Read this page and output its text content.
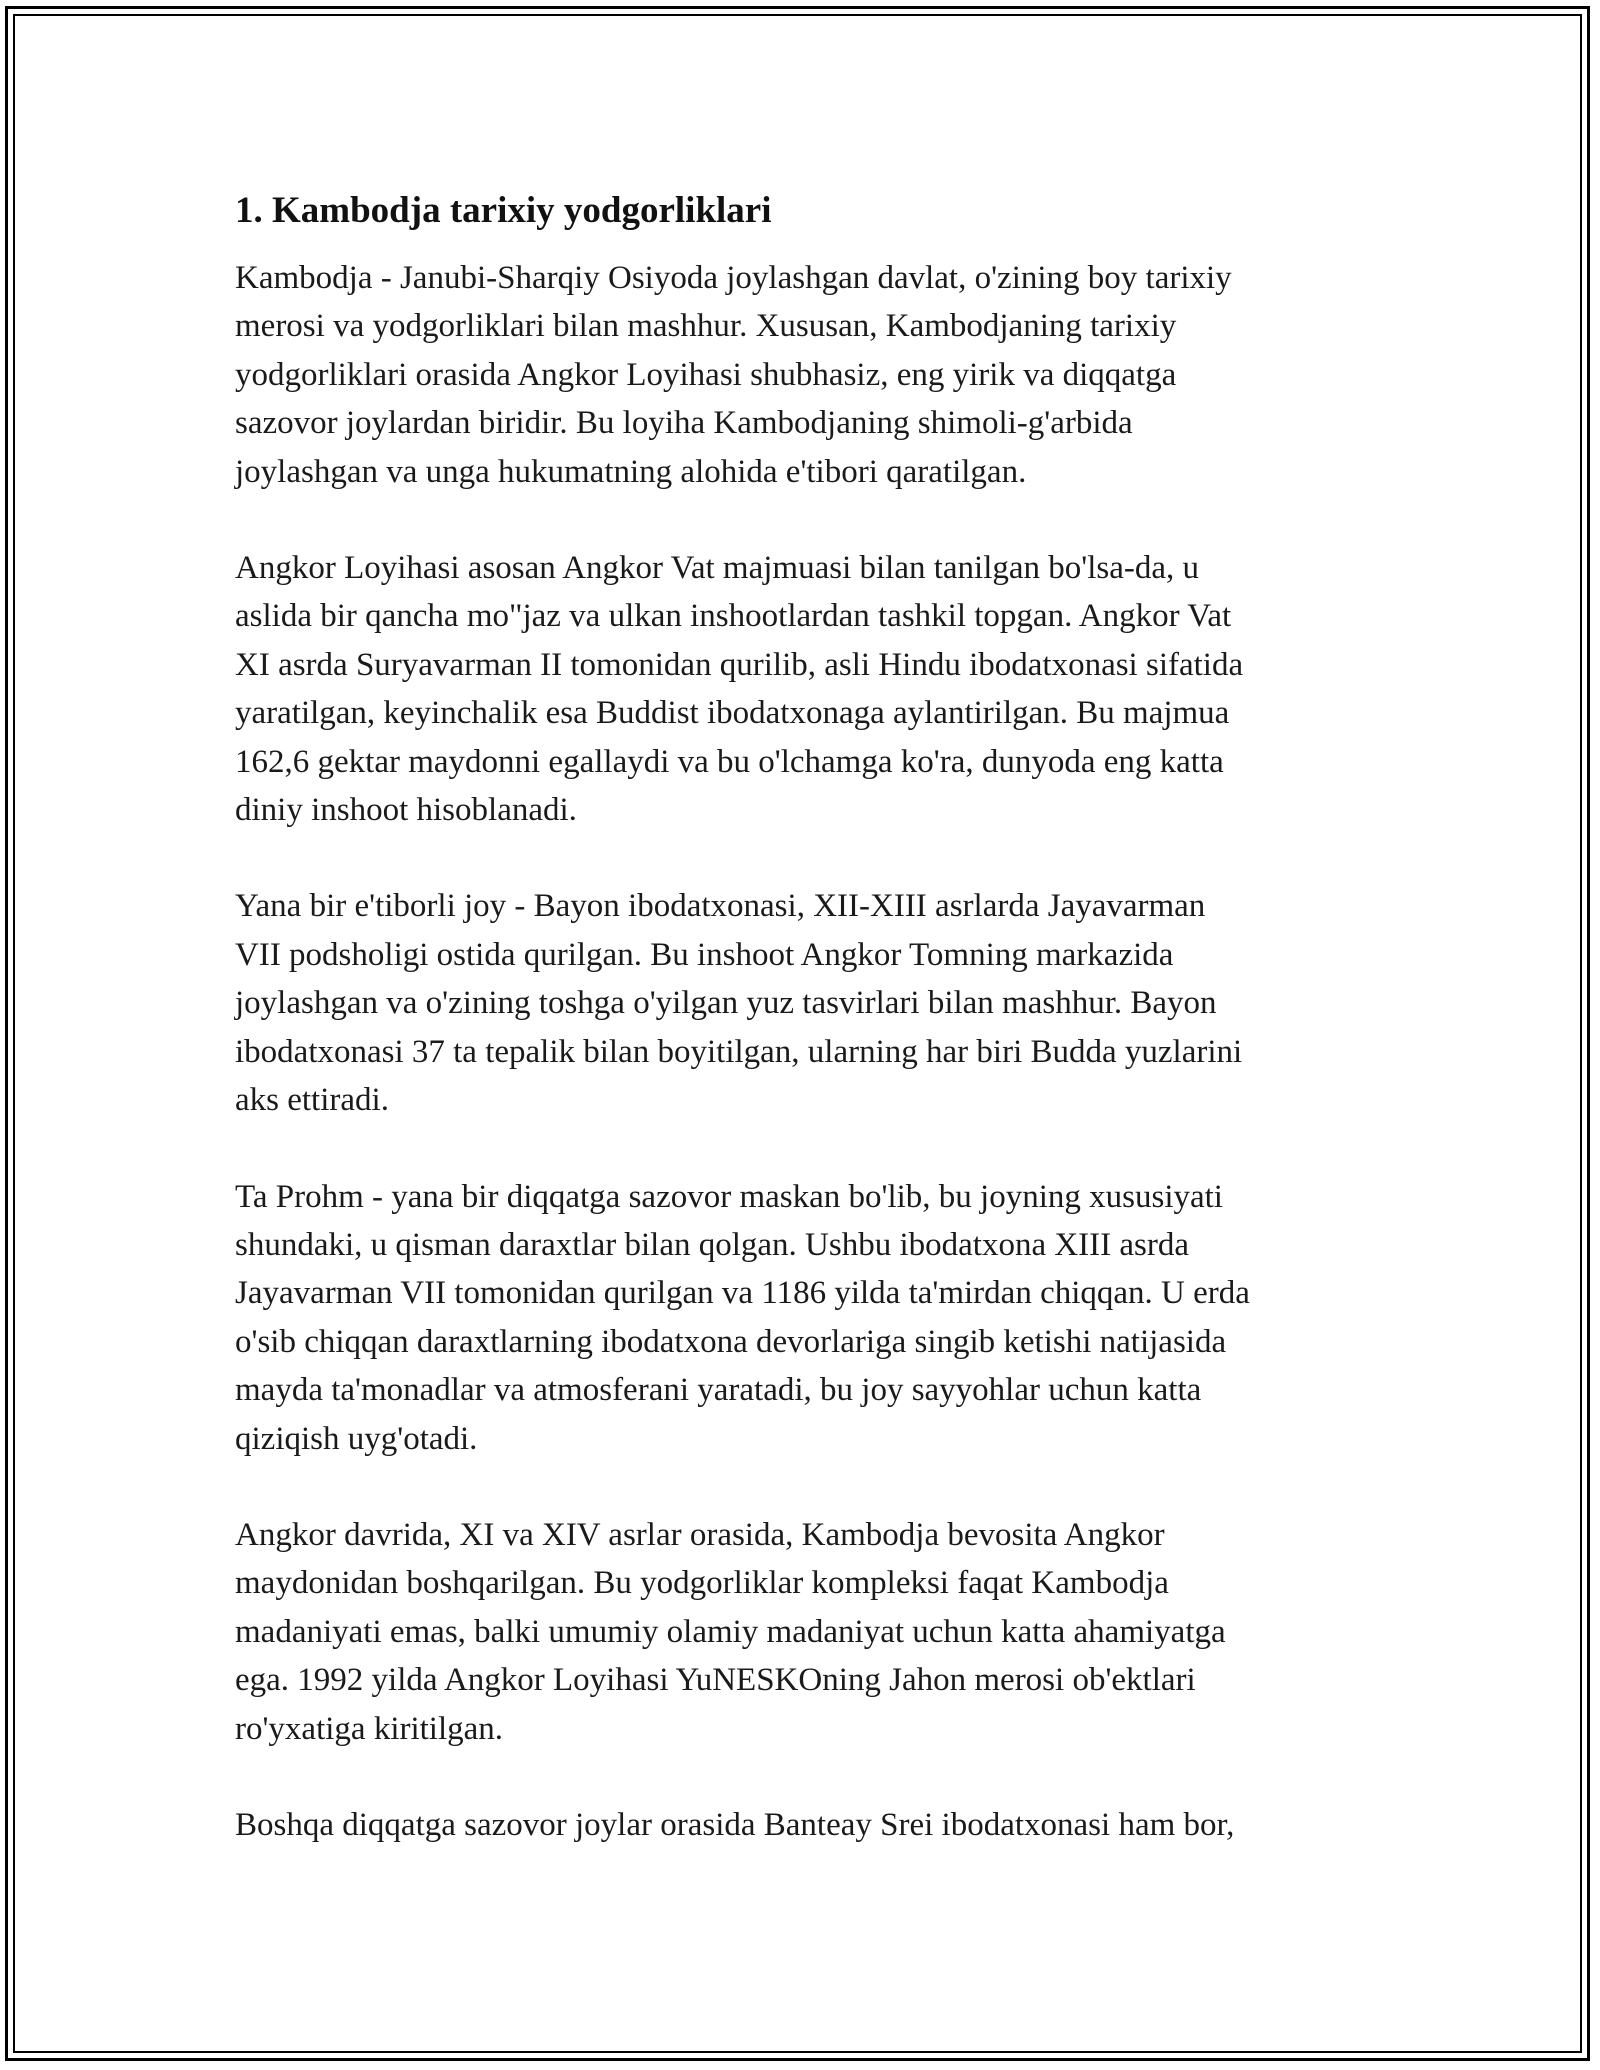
1. Kambodja tarixiy yodgorliklari

Kambodja - Janubi-Sharqiy Osiyoda joylashgan davlat, o'zining boy tarixiy
merosi va yodgorliklari bilan mashhur. Xususan, Kambodjaning tarixiy
yodgorliklari orasida Angkor Loyihasi shubhasiz, eng yirik va diqqatga
sazovor joylardan biridir. Bu loyiha Kambodjaning shimoli-g'arbida
joylashgan va unga hukumatning alohida e'tibori qaratilgan.

Angkor Loyihasi asosan Angkor Vat majmuasi bilan tanilgan bo'lsa-da, u
aslida bir qancha mo"jaz va ulkan inshootlardan tashkil topgan. Angkor Vat
XI asrda Suryavarman II tomonidan qurilib, asli Hindu ibodatxonasi sifatida
yaratilgan, keyinchalik esa Buddist ibodatxonaga aylantirilgan. Bu majmua
162,6 gektar maydonni egallaydi va bu o'lchamga ko'ra, dunyoda eng katta
diniy inshoot hisoblanadi.

Yana bir e'tiborli joy - Bayon ibodatxonasi, XII-XIII asrlarda Jayavarman
VII podsholigi ostida qurilgan. Bu inshoot Angkor Tomning markazida
joylashgan va o'zining toshga o'yilgan yuz tasvirlari bilan mashhur. Bayon
ibodatxonasi 37 ta tepalik bilan boyitilgan, ularning har biri Budda yuzlarini
aks ettiradi.

Ta Prohm - yana bir diqqatga sazovor maskan bo'lib, bu joyning xususiyati
shundaki, u qisman daraxtlar bilan qolgan. Ushbu ibodatxona XIII asrda
Jayavarman VII tomonidan qurilgan va 1186 yilda ta'mirdan chiqqan. U erda
o'sib chiqqan daraxtlarning ibodatxona devorlariga singib ketishi natijasida
mayda ta'monadlar va atmosferani yaratadi, bu joy sayyohlar uchun katta
qiziqish uyg'otadi.

Angkor davrida, XI va XIV asrlar orasida, Kambodja bevosita Angkor
maydonidan boshqarilgan. Bu yodgorliklar kompleksi faqat Kambodja
madaniyati emas, balki umumiy olamiy madaniyat uchun katta ahamiyatga
ega. 1992 yilda Angkor Loyihasi YuNESKOning Jahon merosi ob'ektlari
ro'yxatiga kiritilgan.

Boshqa diqqatga sazovor joylar orasida Banteay Srei ibodatxonasi ham bor,
